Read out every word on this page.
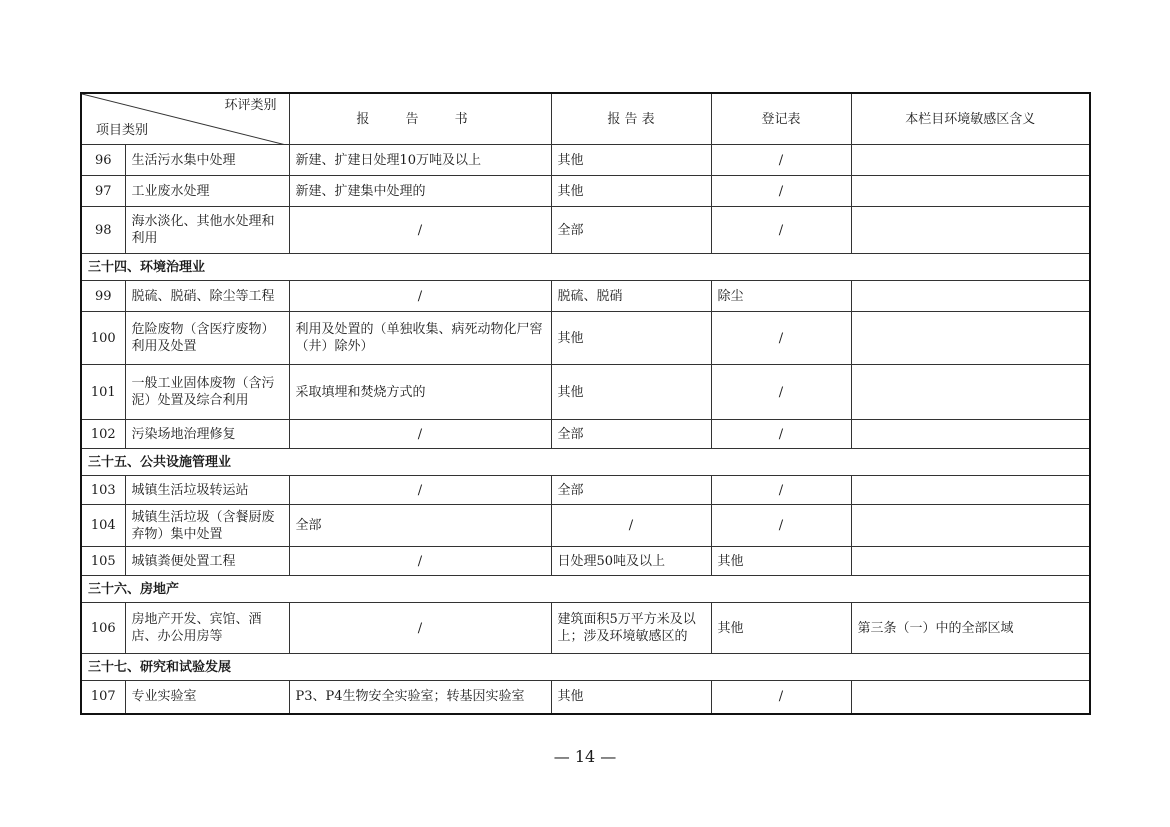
环评类别
项目类别		报 告 书	报 告 表	登记表	本栏目环境敏感区含义
96	生活污水集中处理	新建、扩建日处理10万吨及以上	其他	/	
97	工业废水处理	新建、扩建集中处理的	其他	/	
98	海水淡化、其他水处理和利用	/	全部	/	
三十四、环境治理业					
99	脱硫、脱硝、除尘等工程	/	脱硫、脱硝	除尘	
100	危险废物（含医疗废物）利用及处置	利用及处置的（单独收集、病死动物化尸窖（井）除外）	其他	/	
101	一般工业固体废物（含污泥）处置及综合利用	采取填埋和焚烧方式的	其他	/	
102	污染场地治理修复	/	全部	/	
三十五、公共设施管理业					
103	城镇生活垃圾转运站	/	全部	/	
104	城镇生活垃圾（含餐厨废弃物）集中处置	全部	/	/	
105	城镇粪便处置工程	/	日处理50吨及以上	其他	
三十六、房地产					
106	房地产开发、宾馆、酒店、办公用房等	/	建筑面积5万平方米及以上；涉及环境敏感区的	其他	第三条（一）中的全部区域
三十七、研究和试验发展					
107	专业实验室	P3、P4生物安全实验室；转基因实验室	其他	/	
— 14 —
